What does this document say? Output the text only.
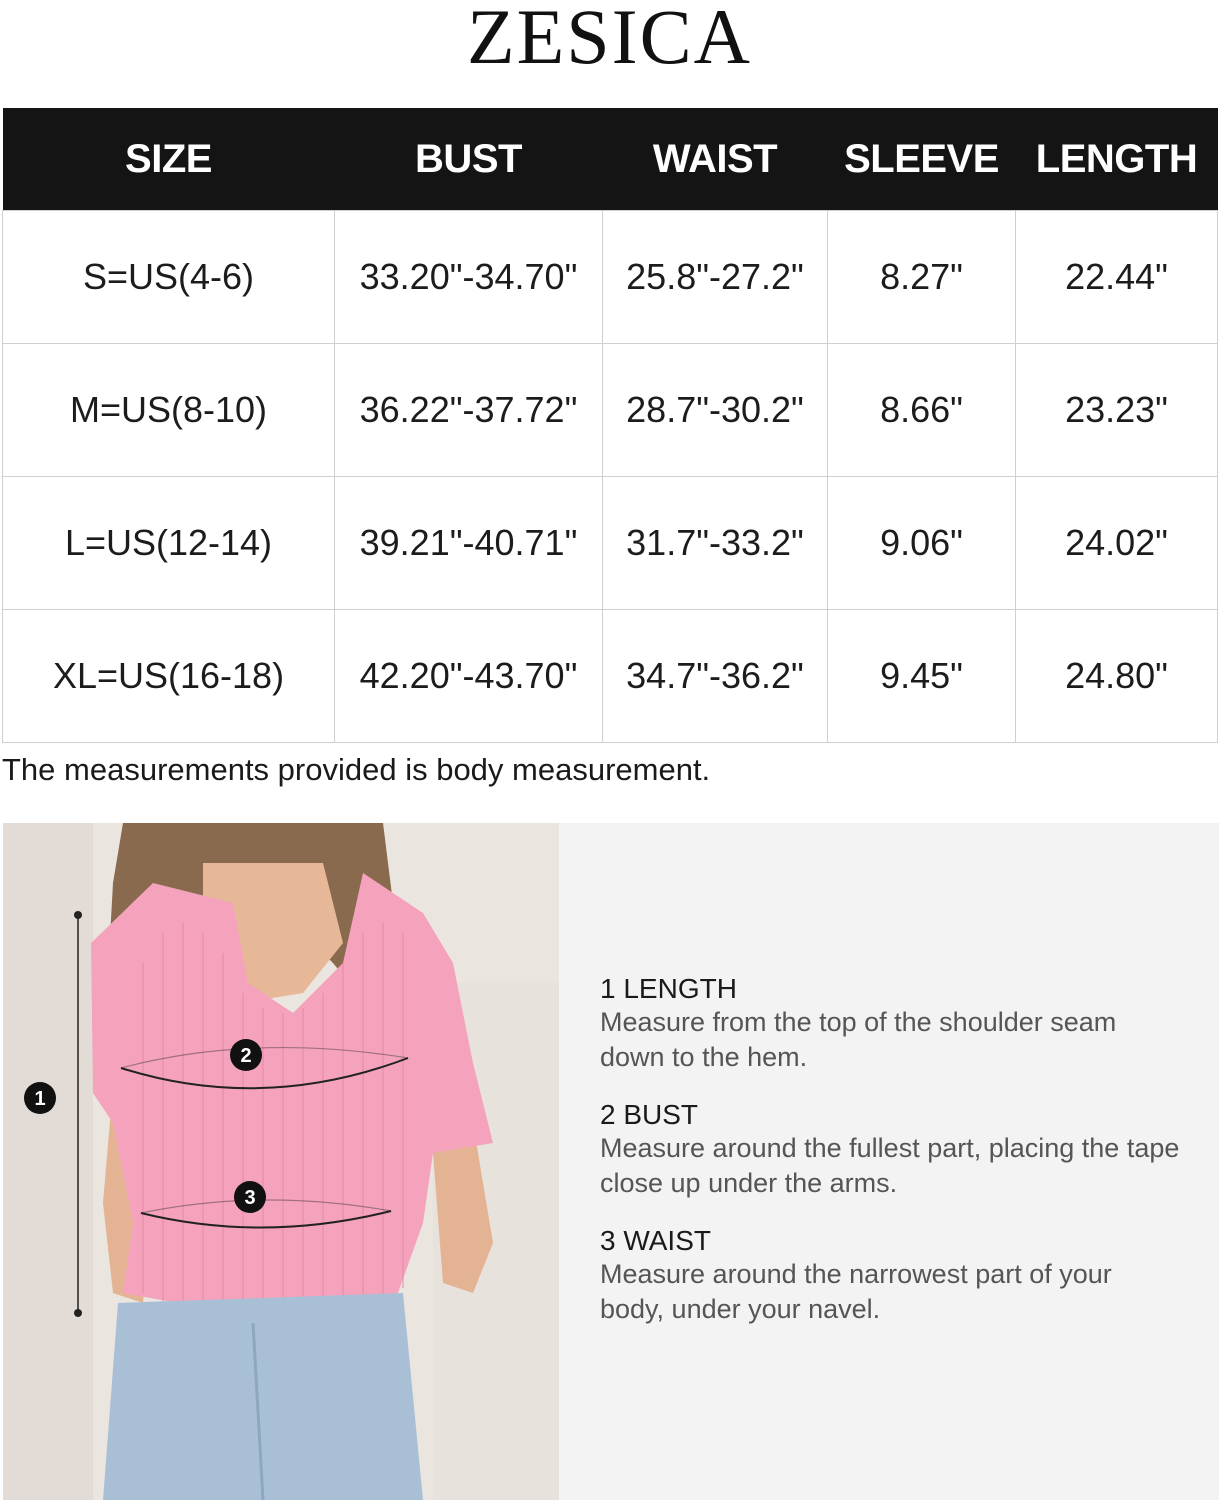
ZESICA
SIZE	BUST	WAIST	SLEEVE	LENGTH
S=US(4-6)	33.20"-34.70"	25.8"-27.2"	8.27"	22.44"
M=US(8-10)	36.22"-37.72"	28.7"-30.2"	8.66"	23.23"
L=US(12-14)	39.21"-40.71"	31.7"-33.2"	9.06"	24.02"
XL=US(16-18)	42.20"-43.70"	34.7"-36.2"	9.45"	24.80"
The measurements provided is body measurement.
1
2
3

1 LENGTH

Measure from the top of the shoulder seam down to the hem.

2 BUST

Measure around the fullest part, placing the tape close up under the arms.

3 WAIST

Measure around the narrowest part of your body, under your navel.
